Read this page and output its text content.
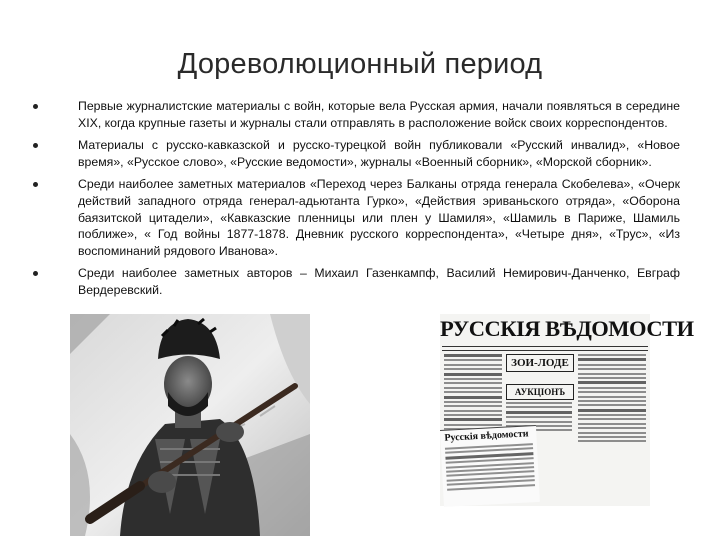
Дореволюционный период
Первые журналистские материалы с войн, которые вела Русская армия, начали появляться в середине XIX, когда крупные газеты и журналы стали отправлять в расположение войск своих корреспондентов.
Материалы с русско-кавказской и русско-турецкой войн публиковали «Русский инвалид», «Новое время», «Русское слово», «Русские ведомости», журналы «Военный сборник», «Морской сборник».
Среди наиболее заметных материалов «Переход через Балканы отряда генерала Скобелева», «Очерк действий западного отряда генерал-адьютанта Гурко», «Действия эриваньского отряда», «Оборона баязитской цитадели», «Кавказские пленницы или плен у Шамиля», «Шамиль в Париже, Шамиль поближе», « Год войны 1877-1878. Дневник русского корреспондента», «Четыре дня», «Трус», «Из воспоминаний рядового Иванова».
Среди наиболее заметных авторов – Михаил Газенкампф, Василий Немирович-Данченко, Евграф Вердеревский.
РУССКІЯ ВѢДОМОСТИ
ЗОИ-ЛОДЕ
АУКЦІОНЪ
Русскія вѣдомости
